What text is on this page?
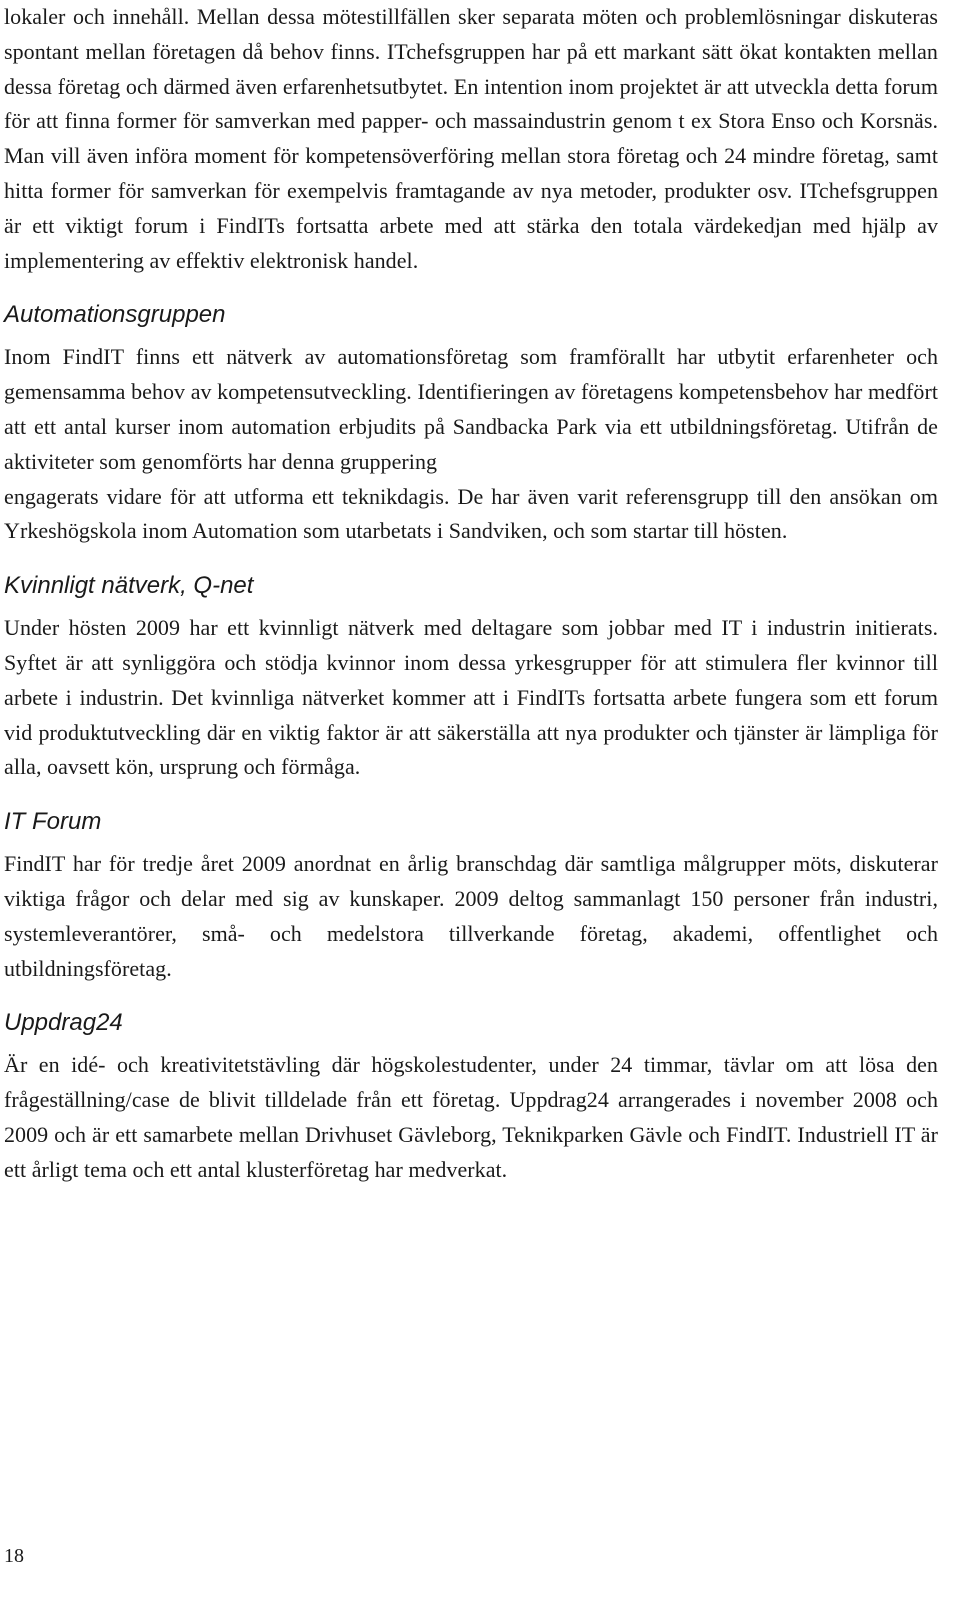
lokaler och innehåll. Mellan dessa mötestillfällen sker separata möten och problemlösningar diskuteras spontant mellan företagen då behov finns. ITchefsgruppen har på ett markant sätt ökat kontakten mellan dessa företag och därmed även erfarenhetsutbytet. En intention inom projektet är att utveckla detta forum för att finna former för samverkan med papper- och massaindustrin genom t ex Stora Enso och Korsnäs. Man vill även införa moment för kompetensöverföring mellan stora företag och 24 mindre företag, samt hitta former för samverkan för exempelvis framtagande av nya metoder, produkter osv. ITchefsgruppen är ett viktigt forum i FindITs fortsatta arbete med att stärka den totala värdekedjan med hjälp av implementering av effektiv elektronisk handel.

Automationsgruppen

Inom FindIT finns ett nätverk av automationsföretag som framförallt har utbytit erfarenheter och gemensamma behov av kompetensutveckling. Identifieringen av företagens kompetensbehov har medfört att ett antal kurser inom automation erbjudits på Sandbacka Park via ett utbildningsföretag. Utifrån de aktiviteter som genomförts har denna gruppering

engagerats vidare för att utforma ett teknikdagis. De har även varit referensgrupp till den ansökan om Yrkeshögskola inom Automation som utarbetats i Sandviken, och som startar till hösten.

Kvinnligt nätverk, Q-net

Under hösten 2009 har ett kvinnligt nätverk med deltagare som jobbar med IT i industrin initierats. Syftet är att synliggöra och stödja kvinnor inom dessa yrkesgrupper för att stimulera fler kvinnor till arbete i industrin. Det kvinnliga nätverket kommer att i FindITs fortsatta arbete fungera som ett forum vid produktutveckling där en viktig faktor är att säkerställa att nya produkter och tjänster är lämpliga för alla, oavsett kön, ursprung och förmåga.

IT Forum

FindIT har för tredje året 2009 anordnat en årlig branschdag där samtliga målgrupper möts, diskuterar viktiga frågor och delar med sig av kunskaper. 2009 deltog sammanlagt 150 personer från industri, systemleverantörer, små- och medelstora tillverkande företag, akademi, offentlighet och utbildningsföretag.

Uppdrag24

Är en idé- och kreativitetstävling där högskolestudenter, under 24 timmar, tävlar om att lösa den frågeställning/case de blivit tilldelade från ett företag. Uppdrag24 arrangerades i november 2008 och 2009 och är ett samarbete mellan Drivhuset Gävleborg, Teknikparken Gävle och FindIT. Industriell IT är ett årligt tema och ett antal klusterföretag har medverkat.

18
